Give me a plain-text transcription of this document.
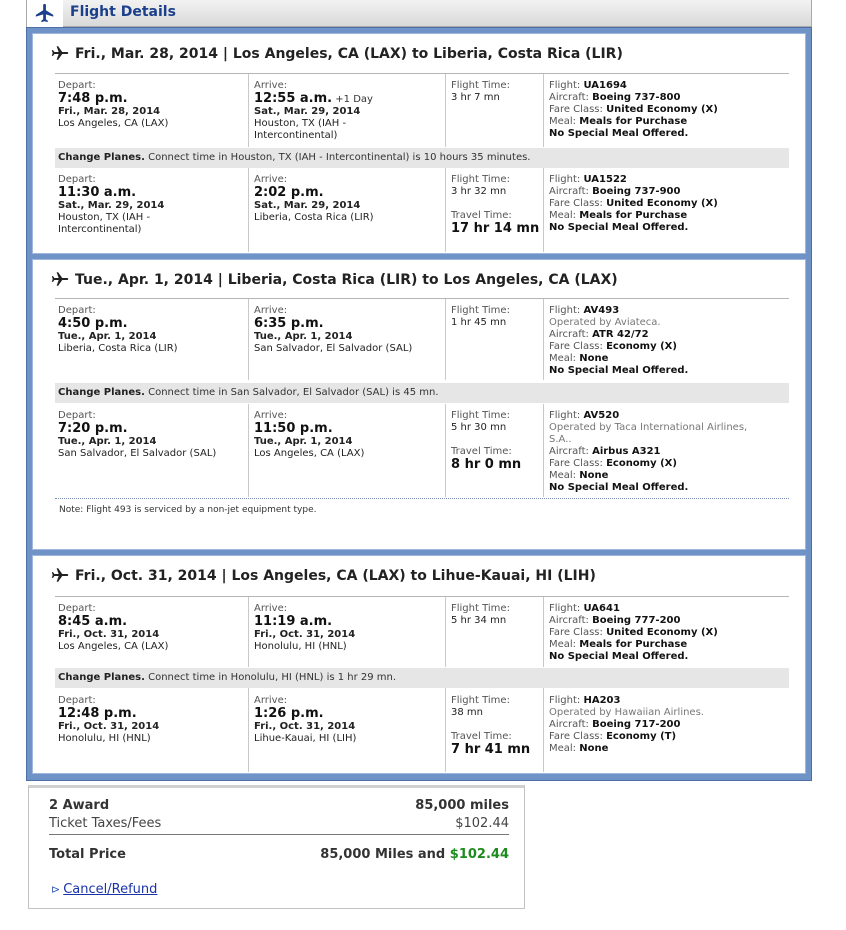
Flight Details
Fri., Mar. 28, 2014 | Los Angeles, CA (LAX) to Liberia, Costa Rica (LIR)
Depart:
7:48 p.m.
Fri., Mar. 28, 2014
Los Angeles, CA (LAX)
Arrive:
12:55 a.m. +1 Day
Sat., Mar. 29, 2014
Houston, TX (IAH -
Intercontinental)
Flight Time:
3 hr 7 mn
Flight: UA1694
Aircraft: Boeing 737-800
Fare Class: United Economy (X)
Meal: Meals for Purchase
No Special Meal Offered.
Change Planes. Connect time in Houston, TX (IAH - Intercontinental) is 10 hours 35 minutes.
Depart:
11:30 a.m.
Sat., Mar. 29, 2014
Houston, TX (IAH -
Intercontinental)
Arrive:
2:02 p.m.
Sat., Mar. 29, 2014
Liberia, Costa Rica (LIR)
Flight Time:
3 hr 32 mn
Travel Time:
17 hr 14 mn
Flight: UA1522
Aircraft: Boeing 737-900
Fare Class: United Economy (X)
Meal: Meals for Purchase
No Special Meal Offered.
Tue., Apr. 1, 2014 | Liberia, Costa Rica (LIR) to Los Angeles, CA (LAX)
Depart:
4:50 p.m.
Tue., Apr. 1, 2014
Liberia, Costa Rica (LIR)
Arrive:
6:35 p.m.
Tue., Apr. 1, 2014
San Salvador, El Salvador (SAL)
Flight Time:
1 hr 45 mn
Flight: AV493
Operated by Aviateca.
Aircraft: ATR 42/72
Fare Class: Economy (X)
Meal: None
No Special Meal Offered.
Change Planes. Connect time in San Salvador, El Salvador (SAL) is 45 mn.
Depart:
7:20 p.m.
Tue., Apr. 1, 2014
San Salvador, El Salvador (SAL)
Arrive:
11:50 p.m.
Tue., Apr. 1, 2014
Los Angeles, CA (LAX)
Flight Time:
5 hr 30 mn
Travel Time:
8 hr 0 mn
Flight: AV520
Operated by Taca International Airlines,
S.A..
Aircraft: Airbus A321
Fare Class: Economy (X)
Meal: None
No Special Meal Offered.
Note: Flight 493 is serviced by a non-jet equipment type.
Fri., Oct. 31, 2014 | Los Angeles, CA (LAX) to Lihue-Kauai, HI (LIH)
Depart:
8:45 a.m.
Fri., Oct. 31, 2014
Los Angeles, CA (LAX)
Arrive:
11:19 a.m.
Fri., Oct. 31, 2014
Honolulu, HI (HNL)
Flight Time:
5 hr 34 mn
Flight: UA641
Aircraft: Boeing 777-200
Fare Class: United Economy (X)
Meal: Meals for Purchase
No Special Meal Offered.
Change Planes. Connect time in Honolulu, HI (HNL) is 1 hr 29 mn.
Depart:
12:48 p.m.
Fri., Oct. 31, 2014
Honolulu, HI (HNL)
Arrive:
1:26 p.m.
Fri., Oct. 31, 2014
Lihue-Kauai, HI (LIH)
Flight Time:
38 mn
Travel Time:
7 hr 41 mn
Flight: HA203
Operated by Hawaiian Airlines.
Aircraft: Boeing 717-200
Fare Class: Economy (T)
Meal: None
2 Award	85,000 miles
Ticket Taxes/Fees	$102.44
Total Price	85,000 Miles and $102.44
⊳ Cancel/Refund
